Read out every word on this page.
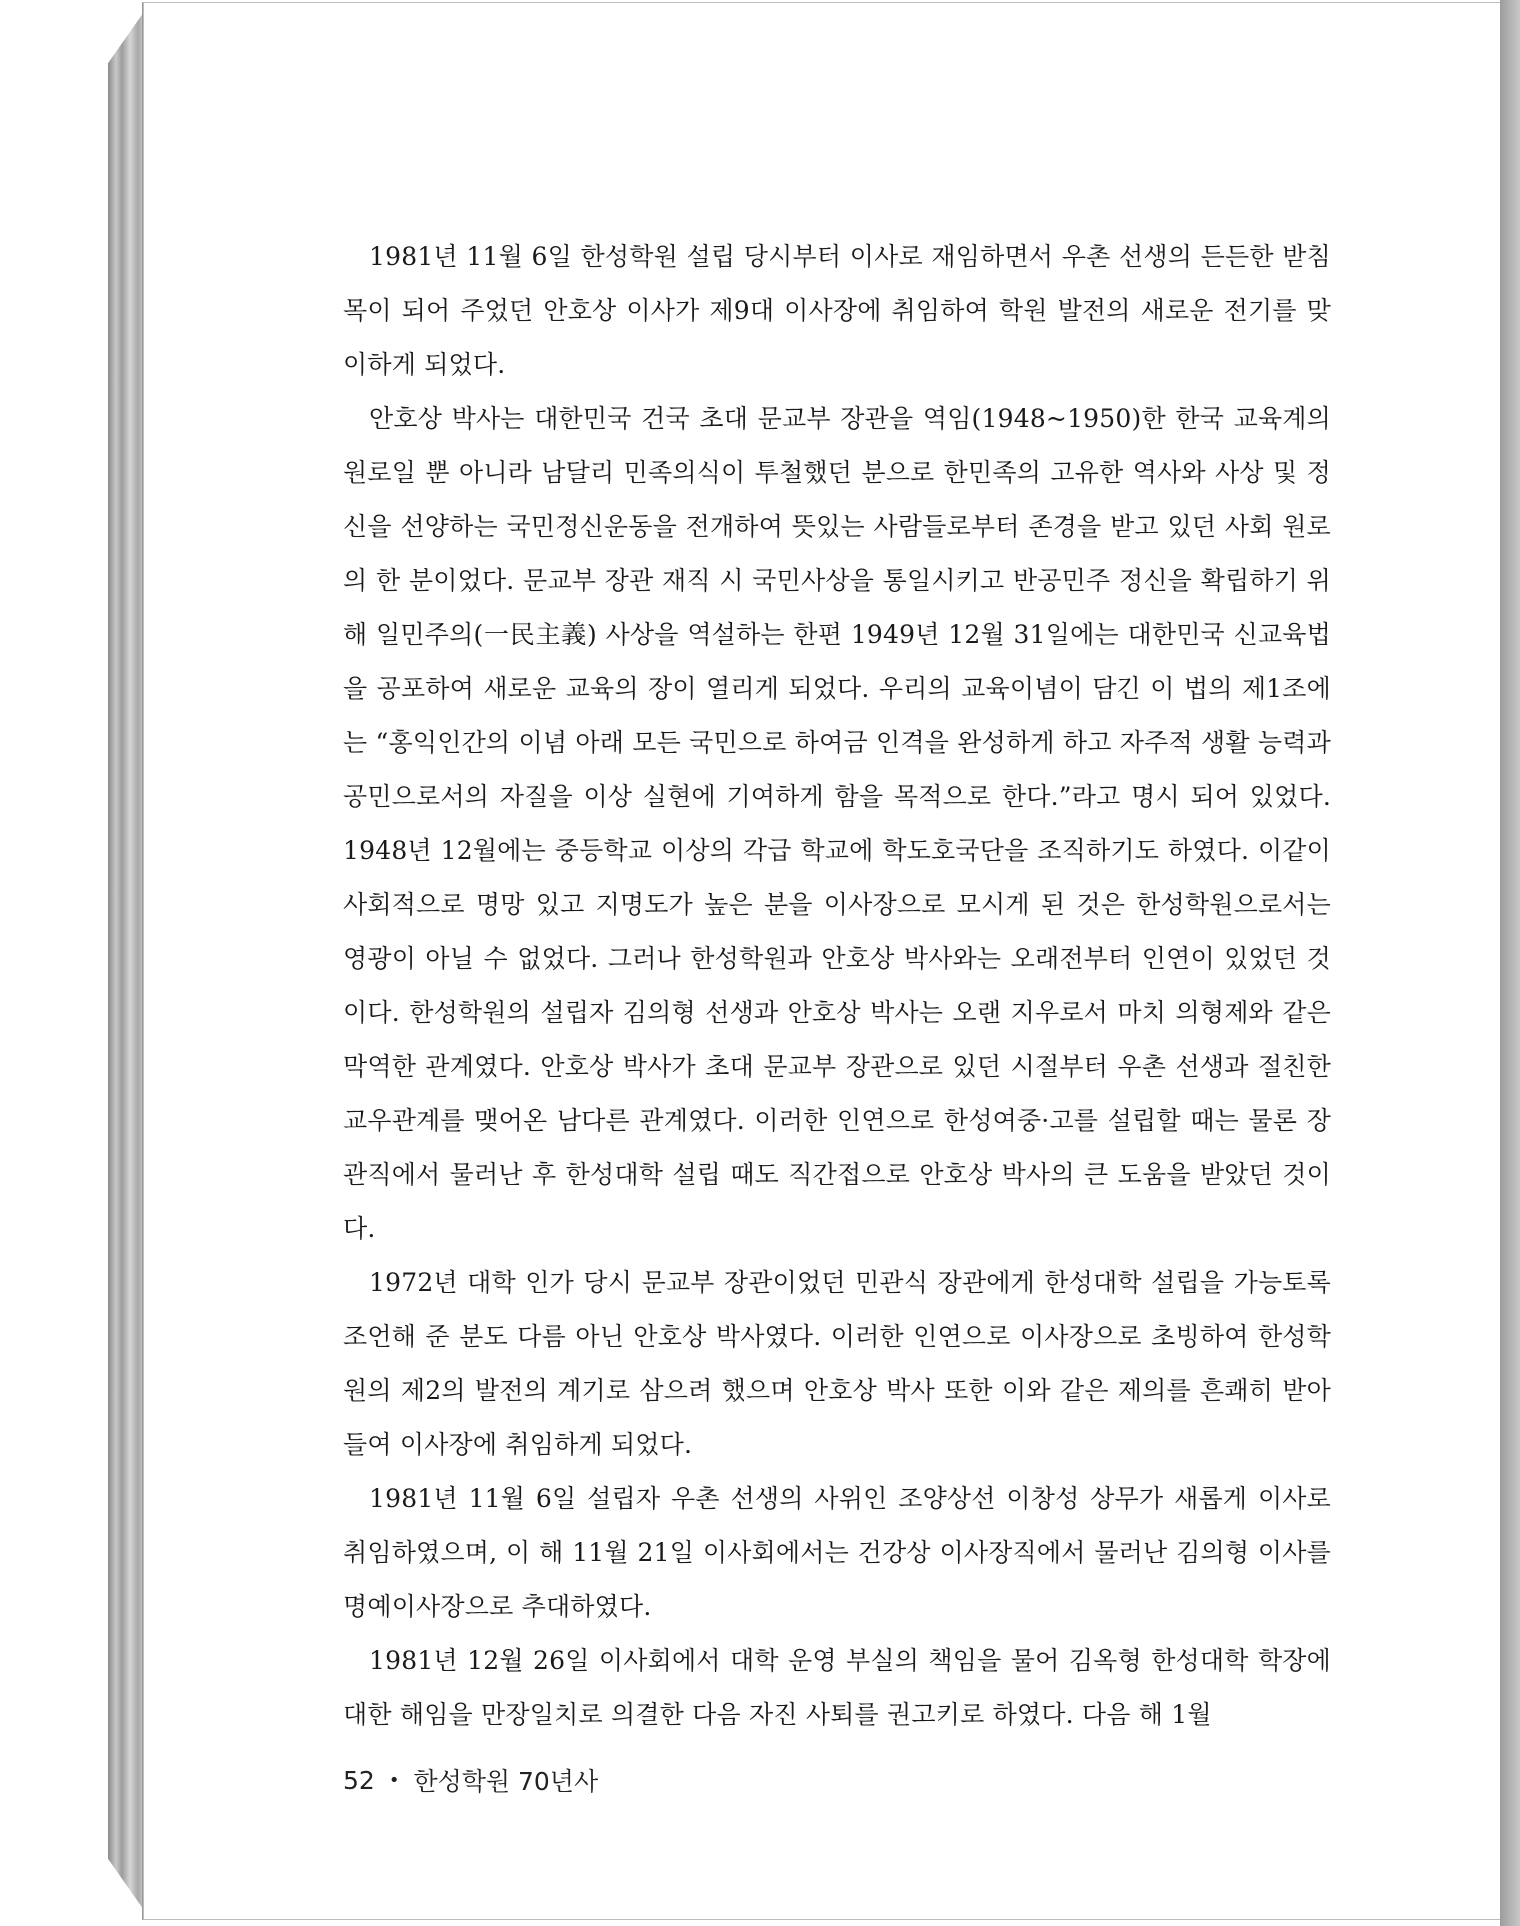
1981년 11월 6일 한성학원 설립 당시부터 이사로 재임하면서 우촌 선생의 든든한 받침목이 되어 주었던 안호상 이사가 제9대 이사장에 취임하여 학원 발전의 새로운 전기를 맞이하게 되었다.

안호상 박사는 대한민국 건국 초대 문교부 장관을 역임(1948~1950)한 한국 교육계의 원로일 뿐 아니라 남달리 민족의식이 투철했던 분으로 한민족의 고유한 역사와 사상 및 정신을 선양하는 국민정신운동을 전개하여 뜻있는 사람들로부터 존경을 받고 있던 사회 원로의 한 분이었다. 문교부 장관 재직 시 국민사상을 통일시키고 반공민주 정신을 확립하기 위해 일민주의(一民主義) 사상을 역설하는 한편 1949년 12월 31일에는 대한민국 신교육법을 공포하여 새로운 교육의 장이 열리게 되었다. 우리의 교육이념이 담긴 이 법의 제1조에는 “홍익인간의 이념 아래 모든 국민으로 하여금 인격을 완성하게 하고 자주적 생활 능력과 공민으로서의 자질을 이상 실현에 기여하게 함을 목적으로 한다.”라고 명시 되어 있었다. 1948년 12월에는 중등학교 이상의 각급 학교에 학도호국단을 조직하기도 하였다. 이같이 사회적으로 명망 있고 지명도가 높은 분을 이사장으로 모시게 된 것은 한성학원으로서는 영광이 아닐 수 없었다. 그러나 한성학원과 안호상 박사와는 오래전부터 인연이 있었던 것이다. 한성학원의 설립자 김의형 선생과 안호상 박사는 오랜 지우로서 마치 의형제와 같은 막역한 관계였다. 안호상 박사가 초대 문교부 장관으로 있던 시절부터 우촌 선생과 절친한 교우관계를 맺어온 남다른 관계였다. 이러한 인연으로 한성여중·고를 설립할 때는 물론 장관직에서 물러난 후 한성대학 설립 때도 직간접으로 안호상 박사의 큰 도움을 받았던 것이다.

1972년 대학 인가 당시 문교부 장관이었던 민관식 장관에게 한성대학 설립을 가능토록 조언해 준 분도 다름 아닌 안호상 박사였다. 이러한 인연으로 이사장으로 초빙하여 한성학원의 제2의 발전의 계기로 삼으려 했으며 안호상 박사 또한 이와 같은 제의를 흔쾌히 받아들여 이사장에 취임하게 되었다.

1981년 11월 6일 설립자 우촌 선생의 사위인 조양상선 이창성 상무가 새롭게 이사로 취임하였으며, 이 해 11월 21일 이사회에서는 건강상 이사장직에서 물러난 김의형 이사를 명예이사장으로 추대하였다.

1981년 12월 26일 이사회에서 대학 운영 부실의 책임을 물어 김옥형 한성대학 학장에 대한 해임을 만장일치로 의결한 다음 자진 사퇴를 권고키로 하였다. 다음 해 1월

52 • 한성학원 70년사
